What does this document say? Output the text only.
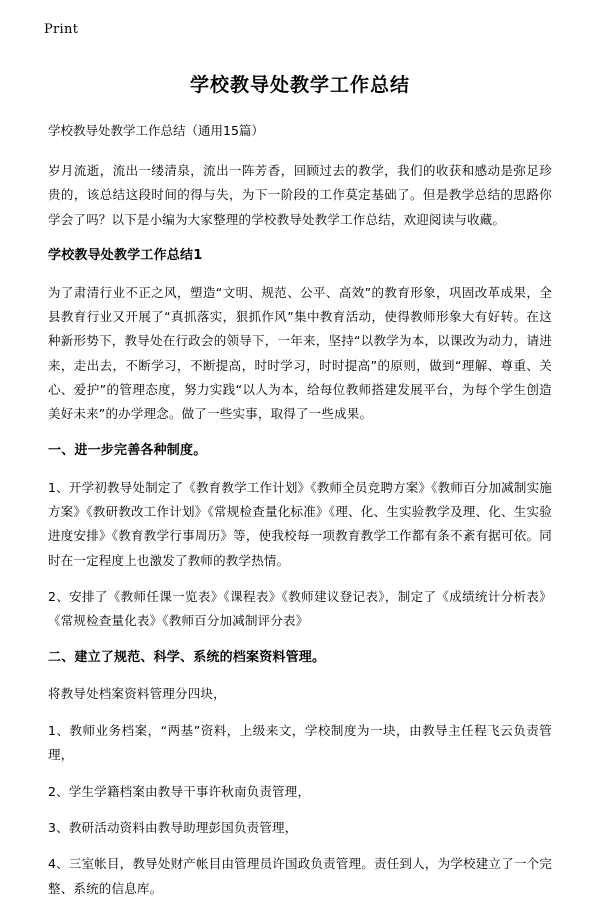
Print
学校教导处教学工作总结

学校教导处教学工作总结（通用15篇）

岁月流逝，流出一缕清泉，流出一阵芳香，回顾过去的教学，我们的收获和感动是弥足珍贵的，该总结这段时间的得与失，为下一阶段的工作莫定基础了。但是教学总结的思路你学会了吗？以下是小编为大家整理的学校教导处教学工作总结，欢迎阅读与收藏。

学校教导处教学工作总结1

为了肃清行业不正之风，塑造“文明、规范、公平、高效”的教育形象，巩固改革成果，全县教育行业又开展了“真抓落实，狠抓作风”集中教育活动，使得教师形象大有好转。在这种新形势下，教导处在行政会的领导下，一年来，坚持“以教学为本，以课改为动力，请进来，走出去，不断学习，不断提高，时时学习，时时提高”的原则，做到“理解、尊重、关心、爱护”的管理态度，努力实践“以人为本，给每位教师搭建发展平台，为每个学生创造美好未来”的办学理念。做了一些实事，取得了一些成果。

一、进一步完善各种制度。

1、开学初教导处制定了《教育教学工作计划》《教师全员竞聘方案》《教师百分加减制实施方案》《教研教改工作计划》《常规检查量化标准》《理、化、生实验教学及理、化、生实验进度安排》《教育教学行事周历》等，使我校每一项教育教学工作都有条不紊有据可依。同时在一定程度上也激发了教师的教学热情。

2、安排了《教师任课一览表》《课程表》《教师建议登记表》，制定了《成绩统计分析表》《常规检查量化表》《教师百分加减制评分表》

二、建立了规范、科学、系统的档案资料管理。

将教导处档案资料管理分四块，

1、教师业务档案，“两基”资料，上级来文，学校制度为一块，由教导主任程飞云负责管理，

2、学生学籍档案由教导干事许秋南负责管理，

3、教研活动资料由教导助理彭国负责管理，

4、三室帐目，教导处财产帐目由管理员许国政负责管理。责任到人，为学校建立了一个完整、系统的信息库。
